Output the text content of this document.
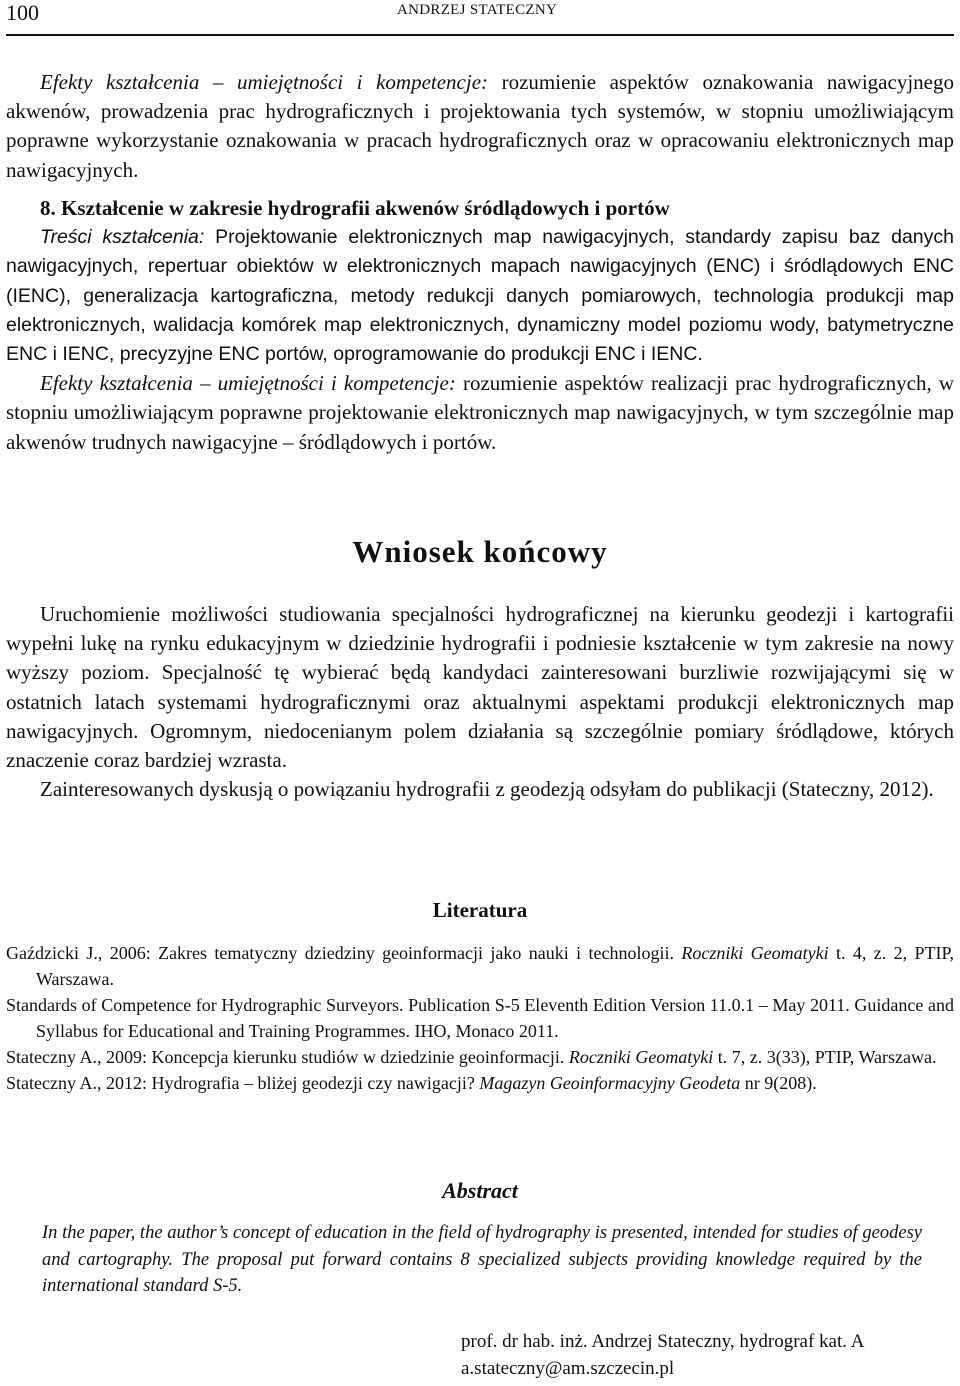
100	ANDRZEJ STATECZNY

Efekty kształcenia – umiejętności i kompetencje: rozumienie aspektów oznakowania nawigacyjnego akwenów, prowadzenia prac hydrograficznych i projektowania tych systemów, w stopniu umożliwiającym poprawne wykorzystanie oznakowania w pracach hydrograficznych oraz w opracowaniu elektronicznych map nawigacyjnych.

8. Kształcenie w zakresie hydrografii akwenów śródlądowych i portów

Treści kształcenia: Projektowanie elektronicznych map nawigacyjnych, standardy zapisu baz danych nawigacyjnych, repertuar obiektów w elektronicznych mapach nawigacyjnych (ENC) i śródlądowych ENC (IENC), generalizacja kartograficzna, metody redukcji danych pomiarowych, technologia produkcji map elektronicznych, walidacja komórek map elektronicznych, dynamiczny model poziomu wody, batymetryczne ENC i IENC, precyzyjne ENC portów, oprogramowanie do produkcji ENC i IENC.

Efekty kształcenia – umiejętności i kompetencje: rozumienie aspektów realizacji prac hydrograficznych, w stopniu umożliwiającym poprawne projektowanie elektronicznych map nawigacyjnych, w tym szczególnie map akwenów trudnych nawigacyjne – śródlądowych i portów.

Wniosek końcowy

Uruchomienie możliwości studiowania specjalności hydrograficznej na kierunku geodezji i kartografii wypełni lukę na rynku edukacyjnym w dziedzinie hydrografii i podniesie kształcenie w tym zakresie na nowy wyższy poziom. Specjalność tę wybierać będą kandydaci zainteresowani burzliwie rozwijającymi się w ostatnich latach systemami hydrograficznymi oraz aktualnymi aspektami produkcji elektronicznych map nawigacyjnych. Ogromnym, niedocenianym polem działania są szczególnie pomiary śródlądowe, których znaczenie coraz bardziej wzrasta.

Zainteresowanych dyskusją o powiązaniu hydrografii z geodezją odsyłam do publikacji (Stateczny, 2012).

Literatura

Gaździcki J., 2006: Zakres tematyczny dziedziny geoinformacji jako nauki i technologii. Roczniki Geomatyki t. 4, z. 2, PTIP, Warszawa.

Standards of Competence for Hydrographic Surveyors. Publication S-5 Eleventh Edition Version 11.0.1 – May 2011. Guidance and Syllabus for Educational and Training Programmes. IHO, Monaco 2011.

Stateczny A., 2009: Koncepcja kierunku studiów w dziedzinie geoinformacji. Roczniki Geomatyki t. 7, z. 3(33), PTIP, Warszawa.

Stateczny A., 2012: Hydrografia – bliżej geodezji czy nawigacji? Magazyn Geoinformacyjny Geodeta nr 9(208).

Abstract
In the paper, the author’s concept of education in the field of hydrography is presented, intended for studies of geodesy and cartography. The proposal put forward contains 8 specialized subjects providing knowledge required by the international standard S-5.
prof. dr hab. inż. Andrzej Stateczny, hydrograf kat. A
a.stateczny@am.szczecin.pl
